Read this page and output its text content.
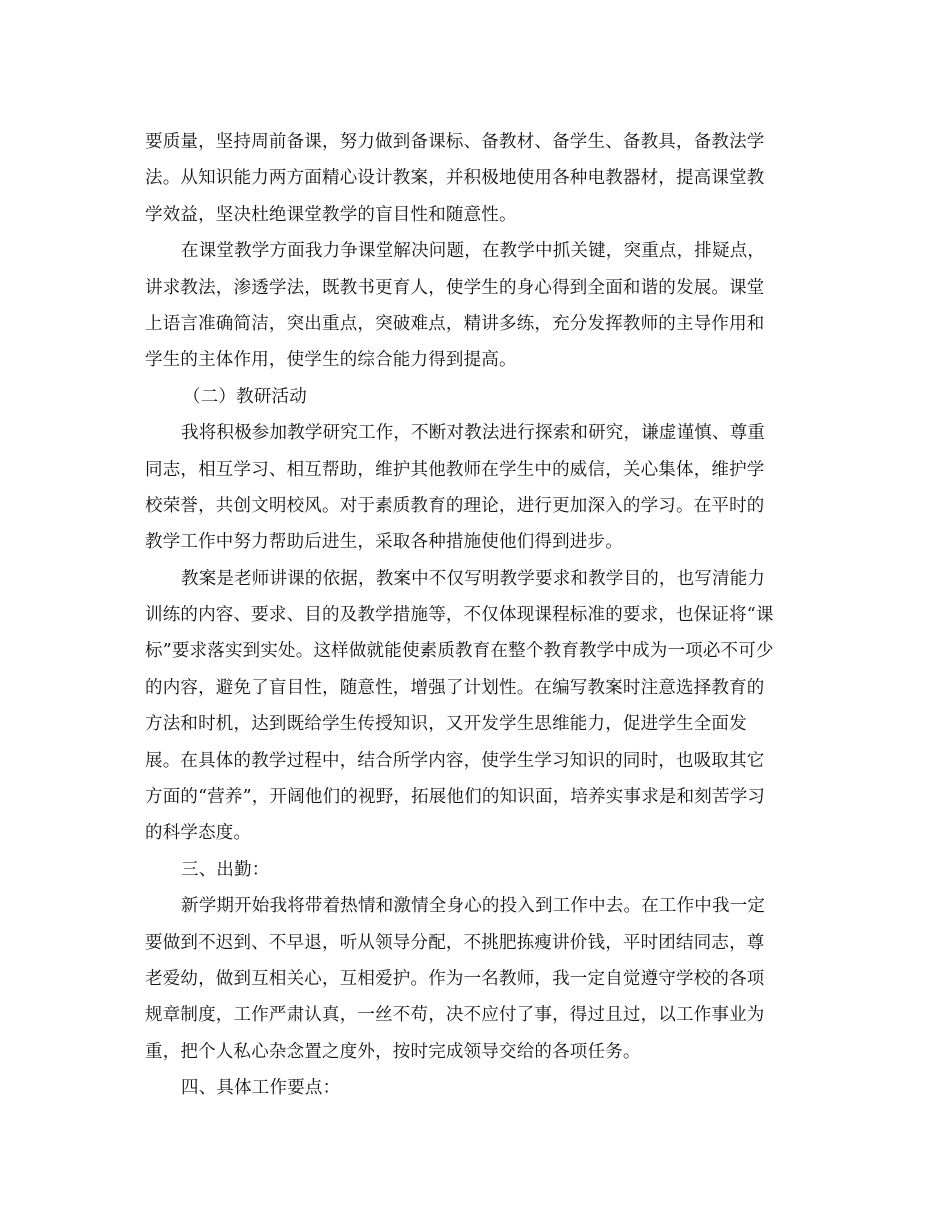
要质量，坚持周前备课，努力做到备课标、备教材、备学生、备教具，备教法学
法。从知识能力两方面精心设计教案，并积极地使用各种电教器材，提高课堂教
学效益，坚决杜绝课堂教学的盲目性和随意性。
在课堂教学方面我力争课堂解决问题，在教学中抓关键，突重点，排疑点，
讲求教法，渗透学法，既教书更育人，使学生的身心得到全面和谐的发展。课堂
上语言准确简洁，突出重点，突破难点，精讲多练，充分发挥教师的主导作用和
学生的主体作用，使学生的综合能力得到提高。
（二）教研活动
我将积极参加教学研究工作，不断对教法进行探索和研究，谦虚谨慎、尊重
同志，相互学习、相互帮助，维护其他教师在学生中的威信，关心集体，维护学
校荣誉，共创文明校风。对于素质教育的理论，进行更加深入的学习。在平时的
教学工作中努力帮助后进生，采取各种措施使他们得到进步。
教案是老师讲课的依据，教案中不仅写明教学要求和教学目的，也写清能力
训练的内容、要求、目的及教学措施等，不仅体现课程标准的要求，也保证将“课
标”要求落实到实处。这样做就能使素质教育在整个教育教学中成为一项必不可少
的内容，避免了盲目性，随意性，增强了计划性。在编写教案时注意选择教育的
方法和时机，达到既给学生传授知识，又开发学生思维能力，促进学生全面发
展。在具体的教学过程中，结合所学内容，使学生学习知识的同时，也吸取其它
方面的“营养”，开阔他们的视野，拓展他们的知识面，培养实事求是和刻苦学习
的科学态度。
三、出勤：
新学期开始我将带着热情和激情全身心的投入到工作中去。在工作中我一定
要做到不迟到、不早退，听从领导分配，不挑肥拣瘦讲价钱，平时团结同志，尊
老爱幼，做到互相关心，互相爱护。作为一名教师，我一定自觉遵守学校的各项
规章制度，工作严肃认真，一丝不苟，决不应付了事，得过且过，以工作事业为
重，把个人私心杂念置之度外，按时完成领导交给的各项任务。
四、具体工作要点：
